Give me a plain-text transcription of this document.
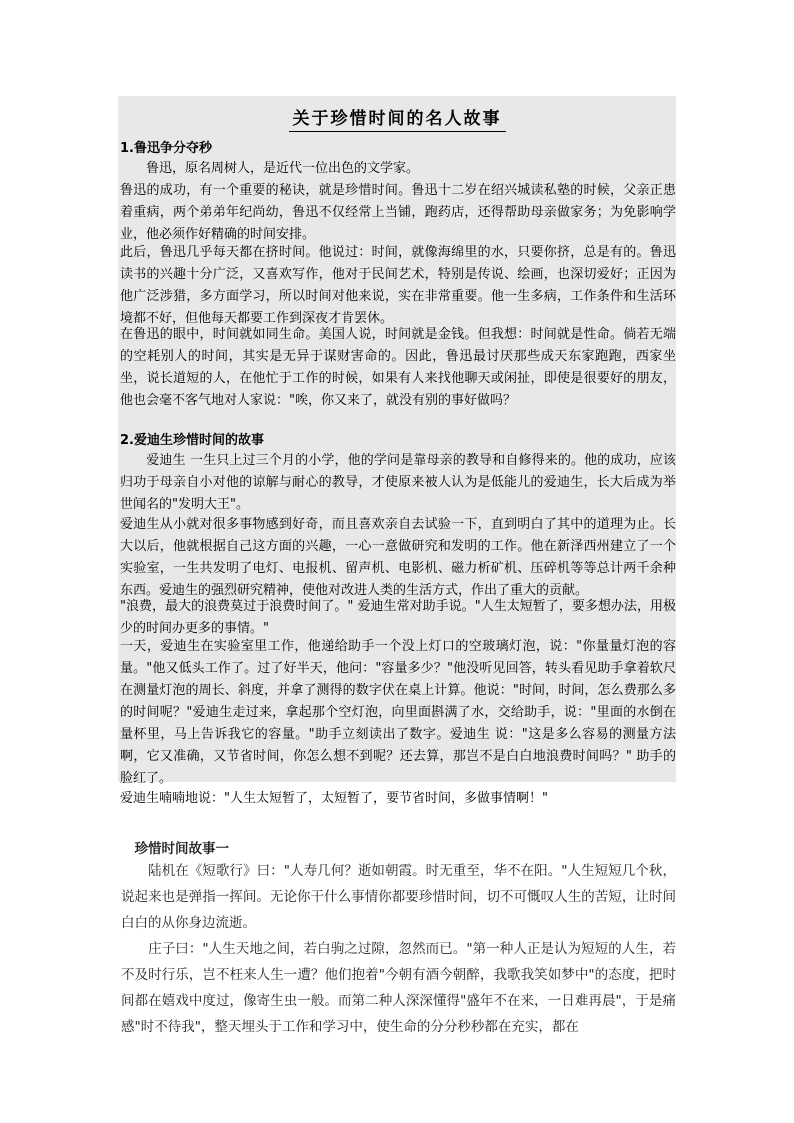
关于珍惜时间的名人故事
1.鲁迅争分夺秒
　　鲁迅，原名周树人，是近代一位出色的文学家。
鲁迅的成功，有一个重要的秘诀，就是珍惜时间。鲁迅十二岁在绍兴城读私塾的时候，父亲正患着重病，两个弟弟年纪尚幼，鲁迅不仅经常上当铺，跑药店，还得帮助母亲做家务；为免影响学业，他必须作好精确的时间安排。
此后，鲁迅几乎每天都在挤时间。他说过：时间，就像海绵里的水，只要你挤，总是有的。鲁迅读书的兴趣十分广泛，又喜欢写作，他对于民间艺术，特别是传说、绘画，也深切爱好；正因为他广泛涉猎，多方面学习，所以时间对他来说，实在非常重要。他一生多病，工作条件和生活环境都不好，但他每天都要工作到深夜才肯罢休。
在鲁迅的眼中，时间就如同生命。美国人说，时间就是金钱。但我想：时间就是性命。倘若无端的空耗别人的时间，其实是无异于谋财害命的。因此，鲁迅最讨厌那些成天东家跑跑，西家坐坐，说长道短的人，在他忙于工作的时候，如果有人来找他聊天或闲扯，即使是很要好的朋友，他也会毫不客气地对人家说："唉，你又来了，就没有别的事好做吗？
2.爱迪生珍惜时间的故事
　　爱迪生 一生只上过三个月的小学，他的学问是靠母亲的教导和自修得来的。他的成功，应该归功于母亲自小对他的谅解与耐心的教导，才使原来被人认为是低能儿的爱迪生，长大后成为举世闻名的"发明大王"。
爱迪生从小就对很多事物感到好奇，而且喜欢亲自去试验一下，直到明白了其中的道理为止。长大以后，他就根据自己这方面的兴趣，一心一意做研究和发明的工作。他在新泽西州建立了一个实验室，一生共发明了电灯、电报机、留声机、电影机、磁力析矿机、压碎机等等总计两千余种东西。爱迪生的强烈研究精神，使他对改进人类的生活方式，作出了重大的贡献。
"浪费，最大的浪费莫过于浪费时间了。" 爱迪生常对助手说。"人生太短暂了，要多想办法，用极少的时间办更多的事情。"
一天，爱迪生在实验室里工作，他递给助手一个没上灯口的空玻璃灯泡，说："你量量灯泡的容量。"他又低头工作了。过了好半天，他问："容量多少？"他没听见回答，转头看见助手拿着软尺在测量灯泡的周长、斜度，并拿了测得的数字伏在桌上计算。他说："时间，时间，怎么费那么多的时间呢？"爱迪生走过来，拿起那个空灯泡，向里面斟满了水，交给助手，说："里面的水倒在量杯里，马上告诉我它的容量。"助手立刻读出了数字。爱迪生 说："这是多么容易的测量方法啊，它又准确，又节省时间，你怎么想不到呢？还去算，那岂不是白白地浪费时间吗？" 助手的脸红了。
爱迪生喃喃地说："人生太短暂了，太短暂了，要节省时间，多做事情啊！"
　珍惜时间故事一
　　陆机在《短歌行》曰："人寿几何？逝如朝霞。时无重至，华不在阳。"人生短短几个秋，说起来也是弹指一挥间。无论你干什么事情你都要珍惜时间，切不可慨叹人生的苦短，让时间白白的从你身边流逝。
　　庄子曰："人生天地之间，若白驹之过隙，忽然而已。"第一种人正是认为短短的人生，若不及时行乐，岂不枉来人生一遭？他们抱着"今朝有酒今朝醉，我歌我笑如梦中"的态度，把时间都在嬉戏中度过，像寄生虫一般。而第二种人深深懂得"盛年不在来，一日难再晨"，于是痛感"时不待我"，整天埋头于工作和学习中，使生命的分分秒秒都在充实，都在
